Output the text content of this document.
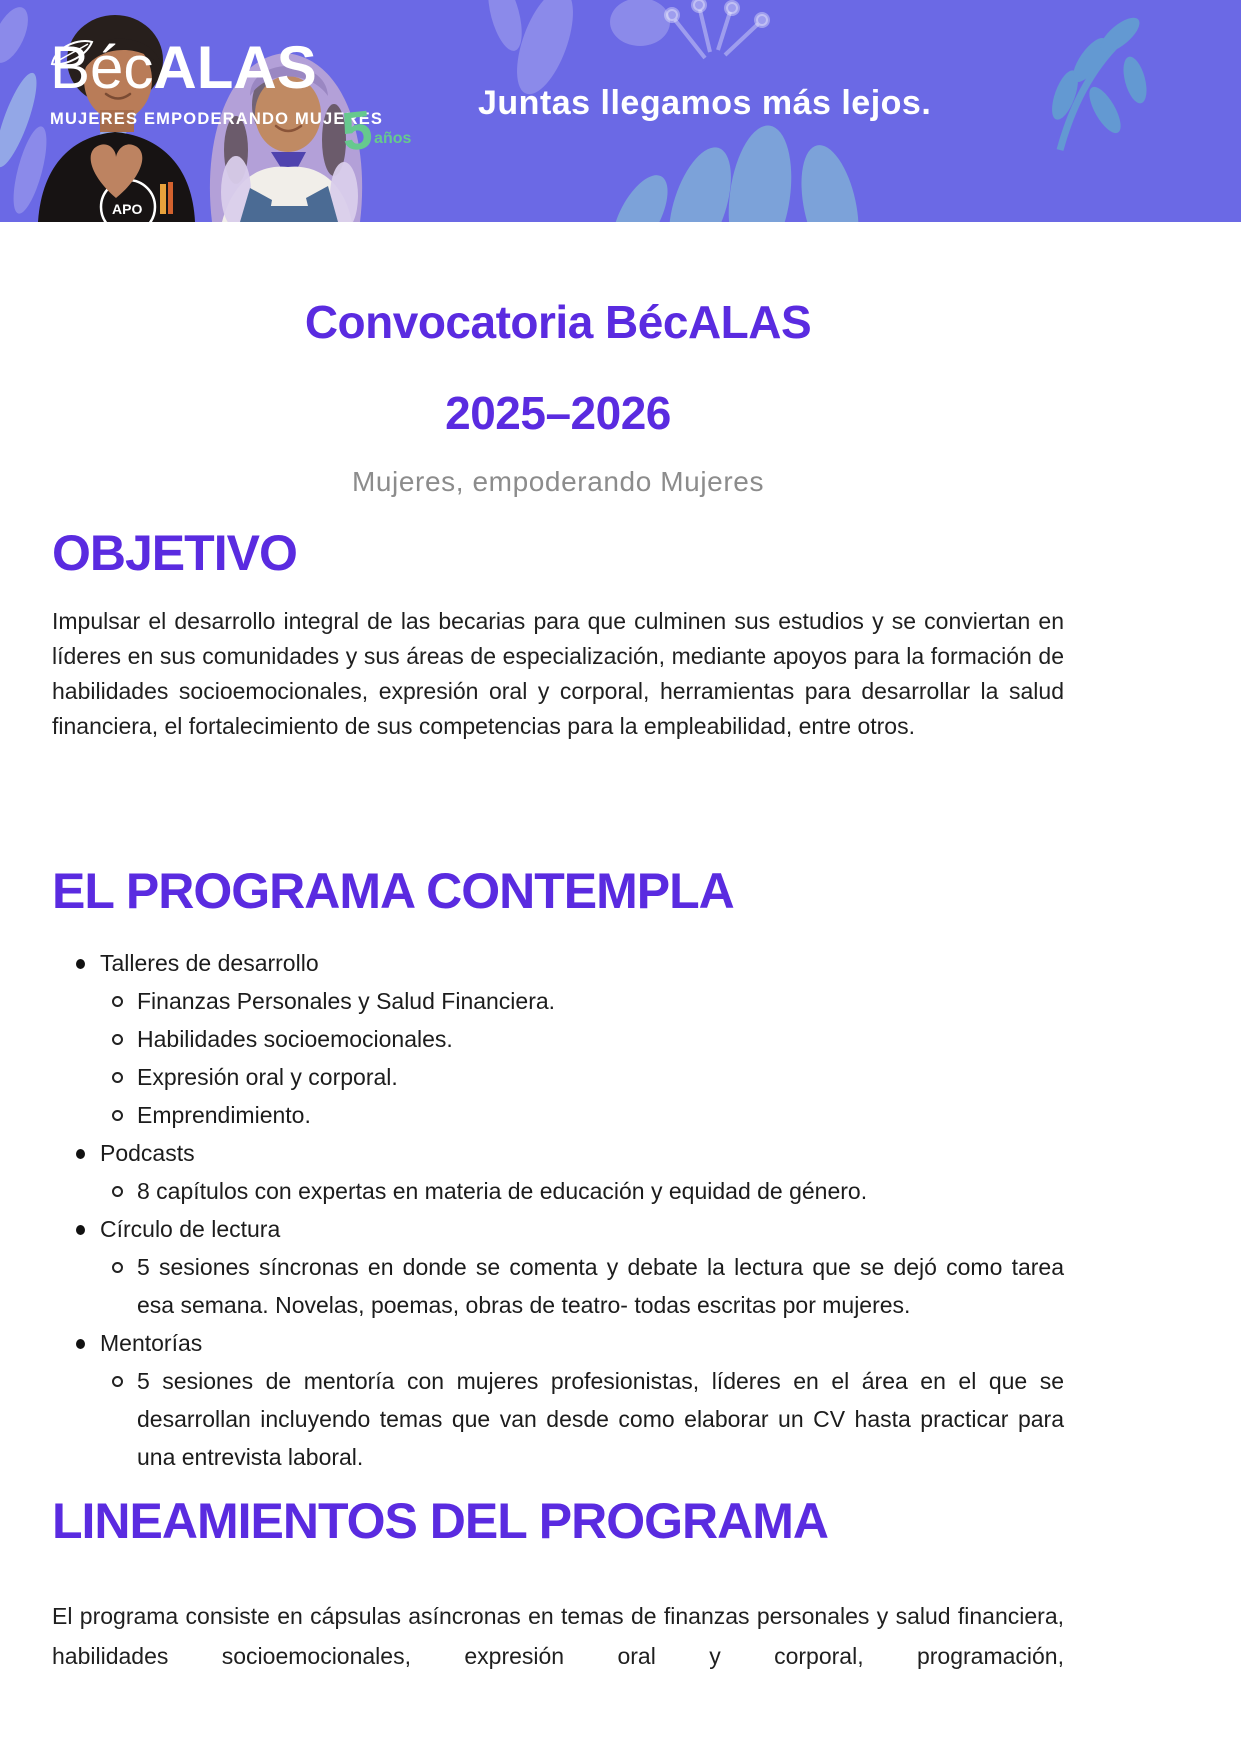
APO
BécALAS
MUJERES EMPODERANDO MUJERES
5años
Juntas llegamos más lejos.
Convocatoria BécALAS
2025–2026

Mujeres, empoderando Mujeres

OBJETIVO

Impulsar el desarrollo integral de las becarias para que culminen sus estudios y se conviertan en líderes en sus comunidades y sus áreas de especialización, mediante apoyos para la formación de habilidades socioemocionales, expresión oral y corporal, herramientas para desarrollar la salud financiera, el fortalecimiento de sus competencias para la empleabilidad, entre otros.

EL PROGRAMA CONTEMPLA
Talleres de desarrollo
Finanzas Personales y Salud Financiera.
Habilidades socioemocionales.
Expresión oral y corporal.
Emprendimiento.
Podcasts
8 capítulos con expertas en materia de educación y equidad de género.
Círculo de lectura
5 sesiones síncronas en donde se comenta y debate la lectura que se dejó como tarea esa semana. Novelas, poemas, obras de teatro- todas escritas por mujeres.
Mentorías
5 sesiones de mentoría con mujeres profesionistas, líderes en el área en el que se desarrollan incluyendo temas que van desde como elaborar un CV hasta practicar para una entrevista laboral.
LINEAMIENTOS DEL PROGRAMA

El programa consiste en cápsulas asíncronas en temas de finanzas personales y salud financiera, habilidades socioemocionales, expresión oral y corporal, programación,
